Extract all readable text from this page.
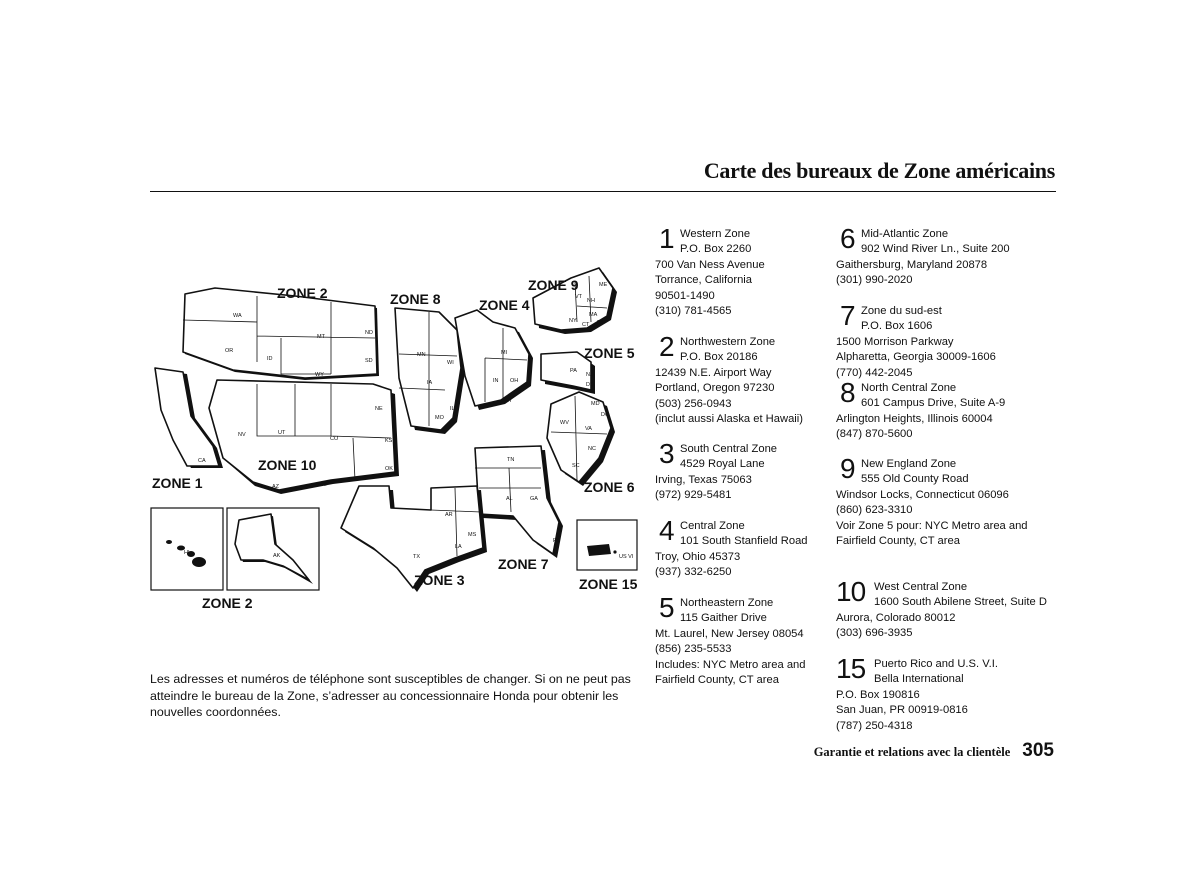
Carte des bureaux de Zone américains
ZONE 2
ZONE 1
ZONE 10
ZONE 8	ZONE 4
ZONE 9
ZONE 5
ZONE 6
ZONE 7
ZONE 3
ZONE 2
ZONE 15
WA
OR
ID
MT
WY
ND
SD
NE
KS
OK
TX
CO
UT
NV
CA
AZ	NM
MN
WI
IA
IL
MO
AR
LA
MS
AL	GA
TN
FL
SC
NC
VA
WV
MD
DC
KY
IN OH
MI
PA
NJ
DE
NY
VT
NH
ME
MA
RI
CT
AK
HI	PR
US VI
Les adresses et numéros de téléphone sont susceptibles de changer. Si on ne peut pas atteindre le bureau de la Zone, s’adresser au concessionnaire Honda pour obtenir les nouvelles coordonnées.
1 Western Zone
P.O. Box 2260
700 Van Ness Avenue
Torrance, California
90501-1490
(310) 781-4565
2 Northwestern Zone
P.O. Box 20186
12439 N.E. Airport Way
Portland, Oregon 97230
(503) 256-0943
(inclut aussi Alaska et Hawaii)
3 South Central Zone
4529 Royal Lane
Irving, Texas 75063
(972) 929-5481
4 Central Zone
101 South Stanfield Road
Troy, Ohio 45373
(937) 332-6250
5 Northeastern Zone
115 Gaither Drive
Mt. Laurel, New Jersey 08054
(856) 235-5533
Includes: NYC Metro area and
Fairfield County, CT area
6 Mid-Atlantic Zone
902 Wind River Ln., Suite 200
Gaithersburg, Maryland 20878
(301) 990-2020
7 Zone du sud-est
P.O. Box 1606
1500 Morrison Parkway
Alpharetta, Georgia 30009-1606
(770) 442-2045
8 North Central Zone
601 Campus Drive, Suite A-9
Arlington Heights, Illinois 60004
(847) 870-5600
9 New England Zone
555 Old County Road
Windsor Locks, Connecticut 06096
(860) 623-3310
Voir Zone 5 pour: NYC Metro area and
Fairfield County, CT area
10 West Central Zone
1600 South Abilene Street, Suite D
Aurora, Colorado 80012
(303) 696-3935
15 Puerto Rico and U.S. V.I.
Bella International
P.O. Box 190816
San Juan, PR 00919-0816
(787) 250-4318
Garantie et relations avec la clientèle 305
